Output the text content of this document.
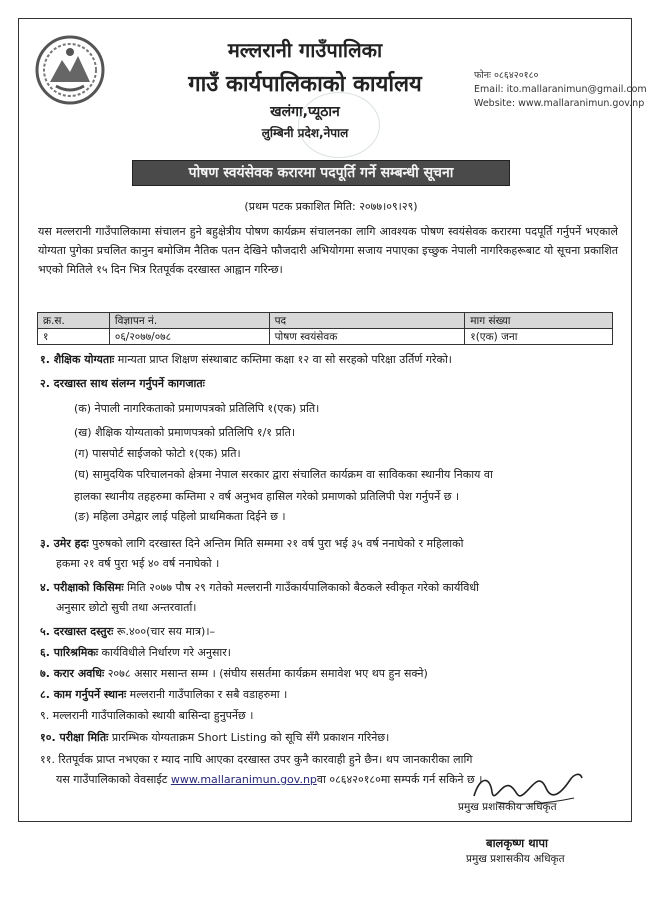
मल्लरानी गाउँपालिका
गाउँ कार्यपालिकाको कार्यालय
खलंगा,प्यूठान
लुम्बिनी प्रदेश,नेपाल
फोनः ०८६४२०१८०
Email: ito.mallaranimun@gmail.com
Website: www.mallaranimun.gov.np
पोषण स्वयंसेवक करारमा पदपूर्ति गर्ने सम्बन्धी सूचना
(प्रथम पटक प्रकाशित मिति: २०७७।०९।२९)

यस मल्लरानी गाउँपालिकामा संचालन हुने बहुक्षेत्रीय पोषण कार्यक्रम संचालनका लागि आवश्यक पोषण स्वयंसेवक करारमा पदपूर्ति गर्नुपर्ने भएकाले योग्यता पुगेका प्रचलित कानुन बमोजिम नैतिक पतन देखिने फौजदारी अभियोगमा सजाय नपाएका इच्छुक नेपाली नागरिकहरूबाट यो सूचना प्रकाशित भएको मितिले १५ दिन भित्र रितपूर्वक दरखास्त आह्वान गरिन्छ।

क्र.स.	विज्ञापन नं.	पद	माग संख्या
१	०६/२०७७/०७८	पोषण स्वयंसेवक	१(एक) जना
१. शैक्षिक योग्यताः मान्यता प्राप्त शिक्षण संस्थाबाट कम्तिमा कक्षा १२ वा सो सरहको परिक्षा उर्तिर्ण गरेको।
२. दरखास्त साथ संलग्न गर्नुपर्ने कागजातः
(क) नेपाली नागरिकताको प्रमाणपत्रको प्रतिलिपि १(एक) प्रति।
(ख) शैक्षिक योग्यताको प्रमाणपत्रको प्रतिलिपि १/१ प्रति।
(ग) पासपोर्ट साईजको फोटो १(एक) प्रति।
(घ) सामुदयिक परिचालनको क्षेत्रमा नेपाल सरकार द्वारा संचालित कार्यक्रम वा साविकका स्थानीय निकाय वा
हालका स्थानीय तहहरुमा कम्तिमा २ वर्ष अनुभव हासिल गरेको प्रमाणको प्रतिलिपी पेश गर्नुपर्ने छ ।
(ङ) महिला उमेद्वार लाई पहिलो प्राथमिकता दिईने छ ।
३. उमेर हदः पुरुषको लागि दरखास्त दिने अन्तिम मिति सम्ममा २१ वर्ष पुरा भई ३५ वर्ष ननाघेको र महिलाको
हकमा २१ वर्ष पुरा भई ४० वर्ष ननाघेको ।
४. परीक्षाको किसिमः मिति २०७७ पौष २९ गतेको मल्लरानी गाउँकार्यपालिकाको बैठकले स्वीकृत गरेको कार्यविधी
अनुसार छोटो सुची तथा अन्तरवार्ता।
५. दरखास्त दस्तुरः रू.४००(चार सय मात्र)।–
६. पारिश्रमिकः कार्यविधीले निर्धारण गरे अनुसार।
७. करार अवधिः २०७८ असार मसान्त सम्म । (संघीय ससर्तमा कार्यक्रम समावेश भए थप हुन सक्ने)
८. काम गर्नुपर्ने स्थानः मल्लरानी गाउँपालिका र सबै वडाहरुमा ।
९. मल्लरानी गाउँपालिकाको स्थायी बासिन्दा हुनुपर्नेछ ।
१०. परीक्षा मितिः प्रारम्भिक योग्यताक्रम Short Listing को सूचि सँगै प्रकाशन गरिनेछ।
११. रितपूर्वक प्राप्त नभएका र म्याद नाघि आएका दरखास्त उपर कुनै कारवाही हुने छैन। थप जानकारीका लागि
यस गाउँपालिकाको वेवसाईट www.mallaranimun.gov.npवा ०८६४२०१८०मा सम्पर्क गर्न सकिने छ ।
प्रमुख प्रशासकीय अधिकृत
बालकृष्ण थापा
प्रमुख प्रशासकीय अधिकृत
